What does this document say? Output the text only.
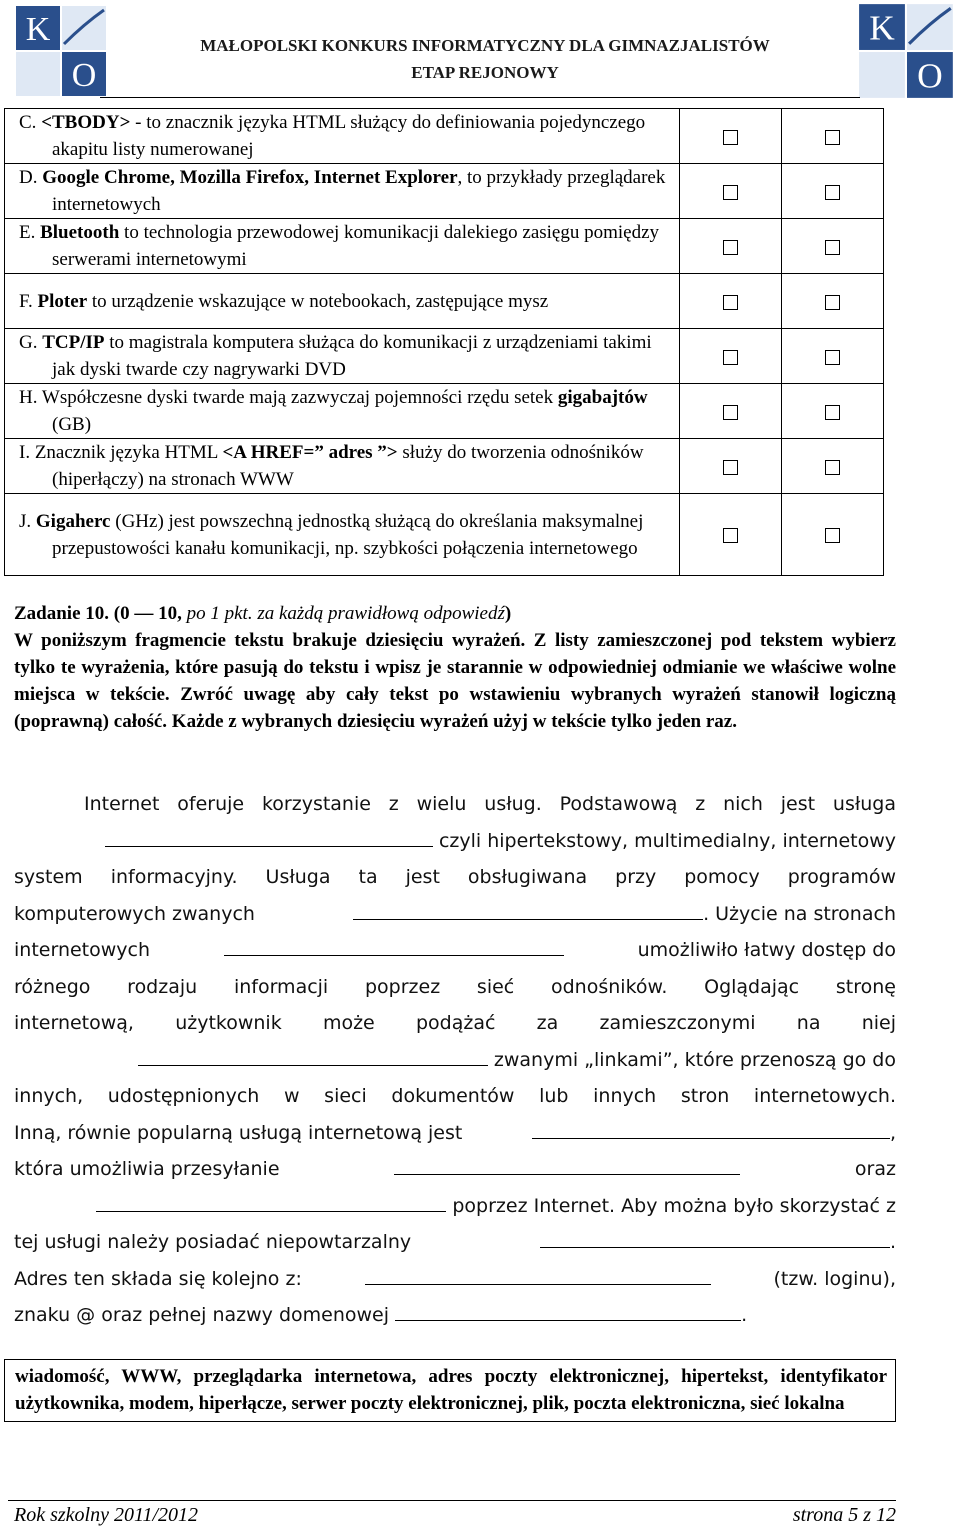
K
O
K
O
MAŁOPOLSKI KONKURS INFORMATYCZNY DLA GIMNAZJALISTÓW
ETAP REJONOWY
C. <TBODY> - to znacznik języka HTML służący do definiowania pojedynczego akapitu listy numerowanej		
D. Google Chrome, Mozilla Firefox, Internet Explorer, to przykłady przeglądarek internetowych		
E. Bluetooth to technologia przewodowej komunikacji dalekiego zasięgu pomiędzy serwerami internetowymi		
F. Ploter to urządzenie wskazujące w notebookach, zastępujące mysz		
G. TCP/IP to magistrala komputera służąca do komunikacji z urządzeniami takimi jak dyski twarde czy nagrywarki DVD		
H. Współczesne dyski twarde mają zazwyczaj pojemności rzędu setek gigabajtów (GB)		
I. Znacznik języka HTML <A HREF=” adres ”> służy do tworzenia odnośników (hiperłączy) na stronach WWW		
J. Gigaherc (GHz) jest powszechną jednostką służącą do określania maksymalnej przepustowości kanału komunikacji, np. szybkości połączenia internetowego		
Zadanie 10. (0 — 10, po 1 pkt. za każdą prawidłową odpowiedź)
W poniższym fragmencie tekstu brakuje dziesięciu wyrażeń. Z listy zamieszczonej pod tekstem wybierz tylko te wyrażenia, które pasują do tekstu i wpisz je starannie w odpowiedniej odmianie we właściwe wolne miejsca w tekście. Zwróć uwagę aby cały tekst po wstawieniu wybranych wyrażeń stanowił logiczną (poprawną) całość. Każde z wybranych dziesięciu wyrażeń użyj w tekście tylko jeden raz.
Internet oferuje korzystanie z wielu usług. Podstawową z nich jest usługa
czyli hipertekstowy, multimedialny, internetowy
system informacyjny. Usługa ta jest obsługiwana przy pomocy programów
komputerowych zwanych	. Użycie na stronach
internetowych	umożliwiło łatwy dostęp do
różnego rodzaju informacji poprzez sieć odnośników. Oglądając stronę
internetową, użytkownik może podążać za zamieszczonymi na niej
zwanymi „linkami”, które przenoszą go do
innych, udostępnionych w sieci dokumentów lub innych stron internetowych.
Inną, równie popularną usługą internetową jest	,
która umożliwia przesyłanie	oraz
poprzez Internet. Aby można było skorzystać z
tej usługi należy posiadać niepowtarzalny	.
Adres ten składa się kolejno z:	(tzw. loginu),
znaku @ oraz pełnej nazwy domenowej	.
wiadomość, WWW, przeglądarka internetowa, adres poczty elektronicznej, hipertekst, identyfikator użytkownika, modem, hiperłącze, serwer poczty elektronicznej, plik, poczta elektroniczna, sieć lokalna
Rok szkolny 2011/2012	strona 5 z 12
